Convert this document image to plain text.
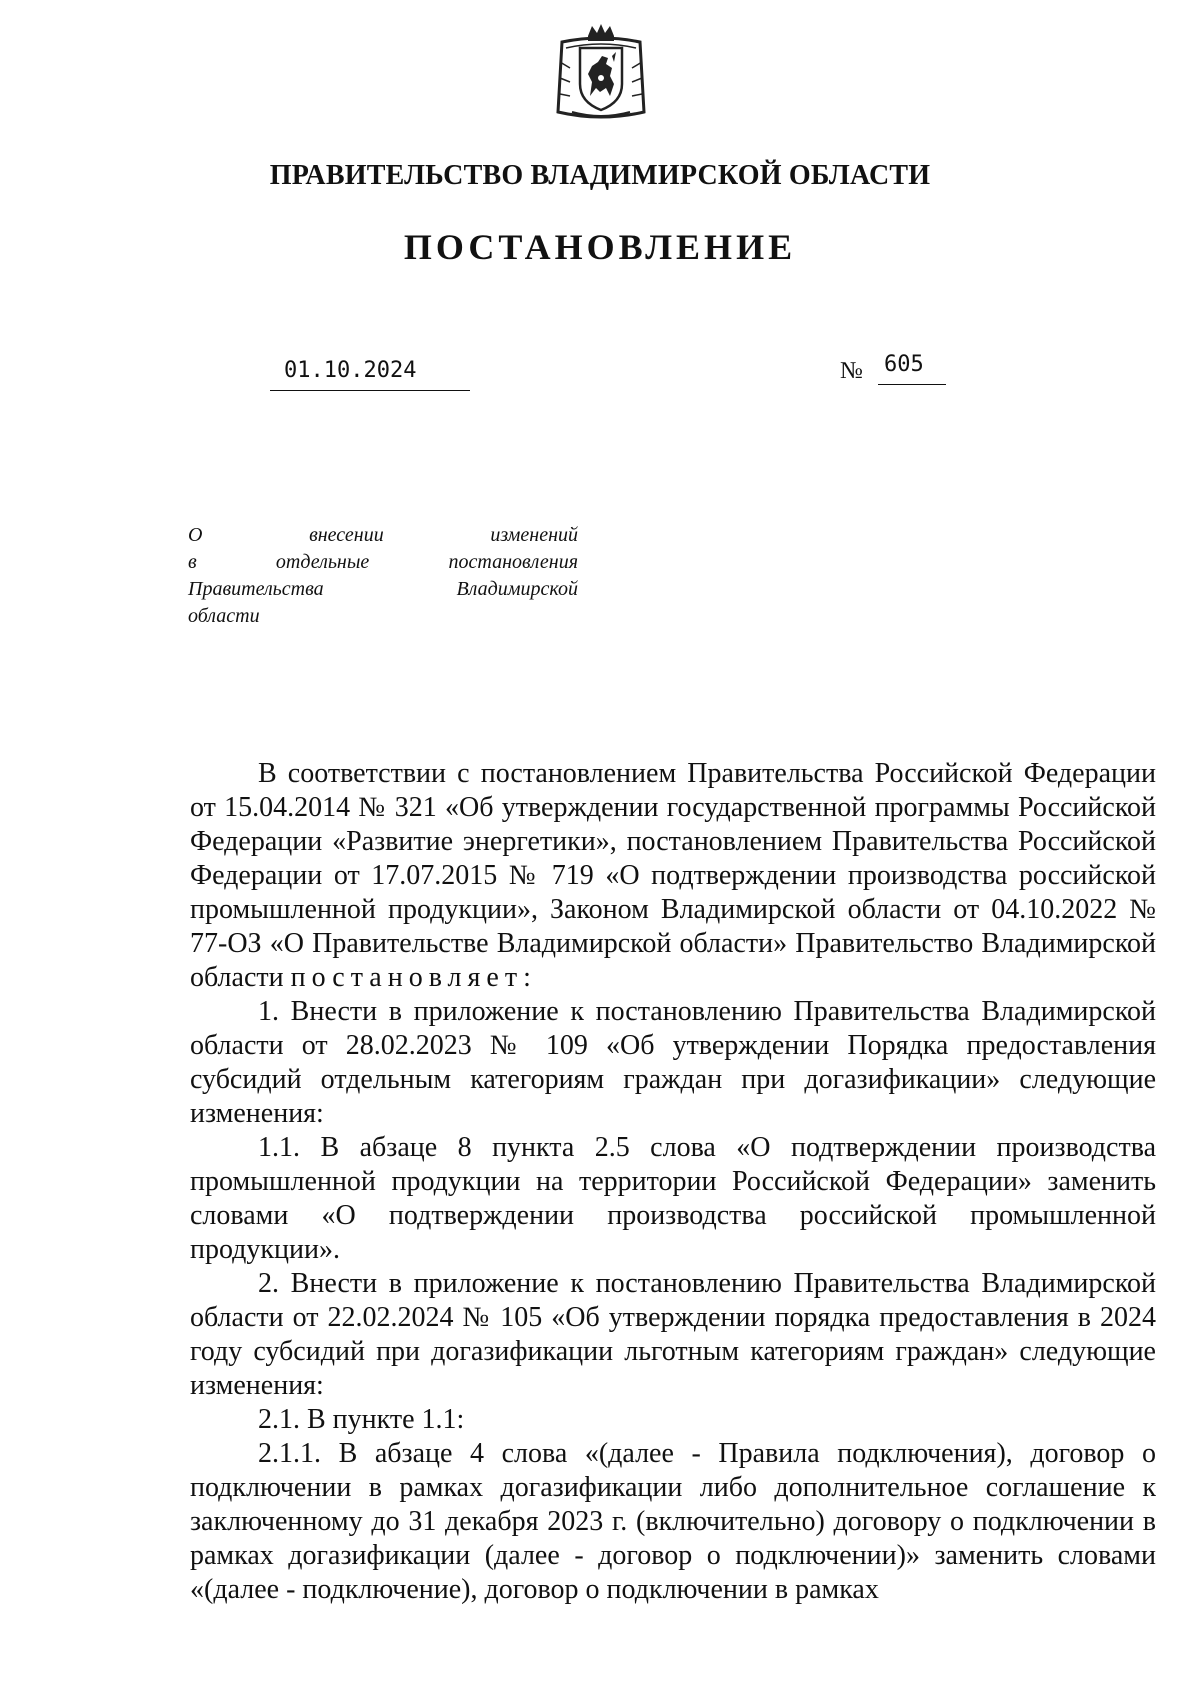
ПРАВИТЕЛЬСТВО ВЛАДИМИРСКОЙ ОБЛАСТИ
ПОСТАНОВЛЕНИЕ
01.10.2024	№ 605
О внесении изменений
в отдельные постановления
Правительства Владимирской
области

В соответствии с постановлением Правительства Российской Федерации от 15.04.2014 № 321 «Об утверждении государственной программы Российской Федерации «Развитие энергетики», постановлением Правительства Российской Федерации от 17.07.2015 № 719 «О подтверждении производства российской промышленной продукции», Законом Владимирской области от 04.10.2022 № 77-ОЗ «О Правительстве Владимирской области» Правительство Владимирской области постановляет:

1. Внести в приложение к постановлению Правительства Владимирской области от 28.02.2023 № 109 «Об утверждении Порядка предоставления субсидий отдельным категориям граждан при догазификации» следующие изменения:

1.1. В абзаце 8 пункта 2.5 слова «О подтверждении производства промышленной продукции на территории Российской Федерации» заменить словами «О подтверждении производства российской промышленной продукции».

2. Внести в приложение к постановлению Правительства Владимирской области от 22.02.2024 № 105 «Об утверждении порядка предоставления в 2024 году субсидий при догазификации льготным категориям граждан» следующие изменения:

2.1. В пункте 1.1:

2.1.1. В абзаце 4 слова «(далее - Правила подключения), договор о подключении в рамках догазификации либо дополнительное соглашение к заключенному до 31 декабря 2023 г. (включительно) договору о подключении в рамках догазификации (далее - договор о подключении)» заменить словами «(далее - подключение), договор о подключении в рамках
